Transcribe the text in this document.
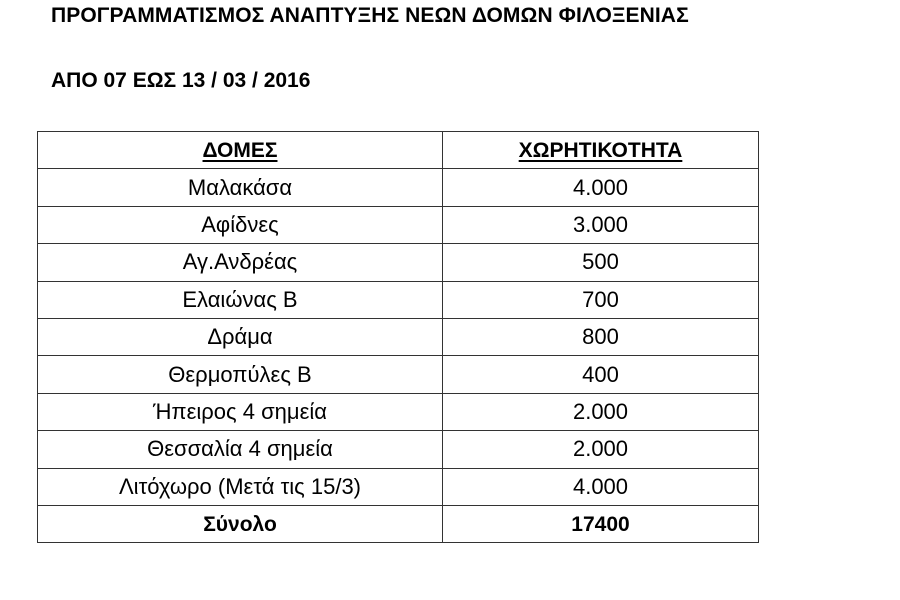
ΠΡΟΓΡΑΜΜΑΤΙΣΜΟΣ ΑΝΑΠΤΥΞΗΣ ΝΕΩΝ ΔΟΜΩΝ ΦΙΛΟΞΕΝΙΑΣ
ΑΠΟ 07 ΕΩΣ 13 / 03 / 2016
ΔΟΜΕΣ	ΧΩΡΗΤΙΚΟΤΗΤΑ
Μαλακάσα	4.000
Αφίδνες	3.000
Αγ.Ανδρέας	500
Ελαιώνας Β	700
Δράμα	800
Θερμοπύλες Β	400
Ήπειρος 4 σημεία	2.000
Θεσσαλία 4 σημεία	2.000
Λιτόχωρο (Μετά τις 15/3)	4.000
Σύνολο	17400
